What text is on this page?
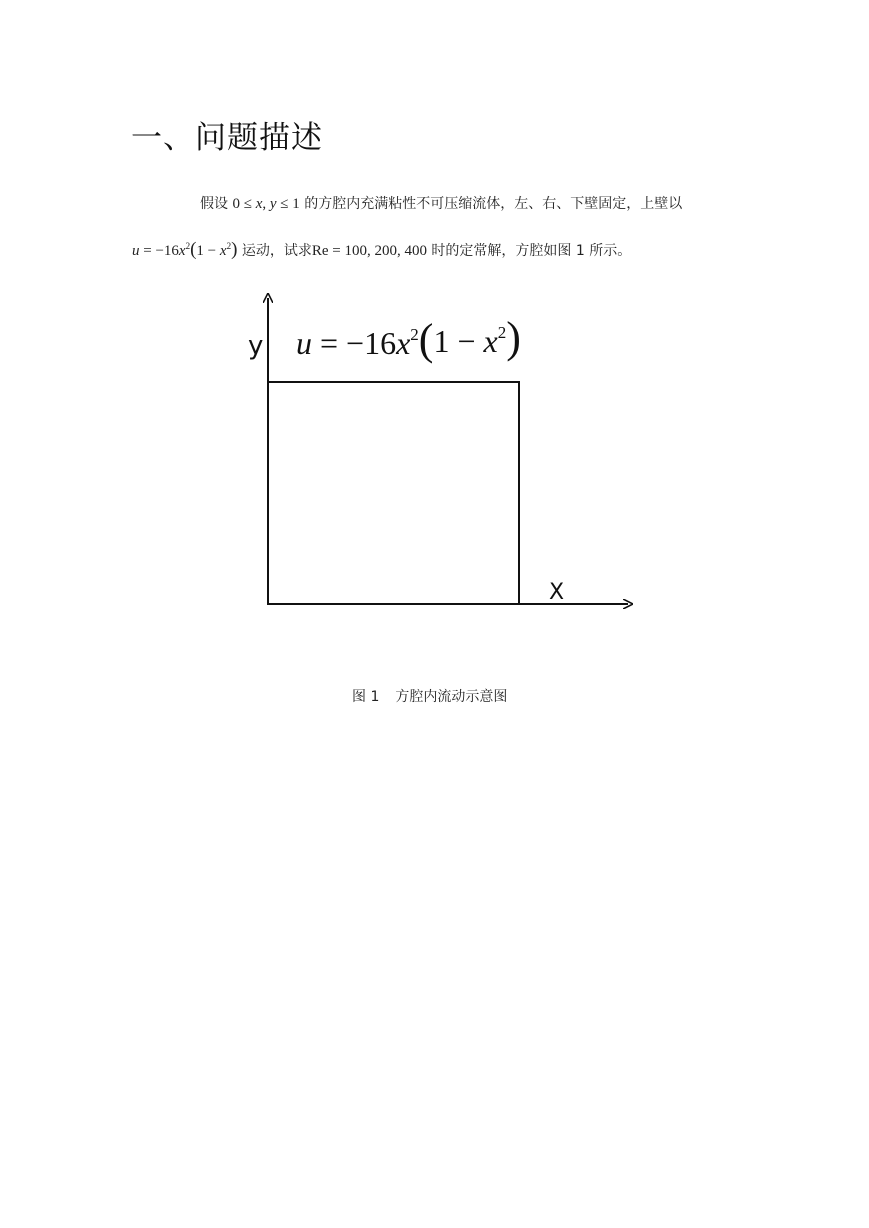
一、问题描述
假设 0 ≤ x, y ≤ 1 的方腔内充满粘性不可压缩流体，左、右、下壁固定，上壁以
$u = -16x^2(1 - x^2)$ 运动，试求Re = 100, 200, 400 时的定常解，方腔如图 1 所示。
y
X
$u = -16x^2(1 - x^2)$
图 1 方腔内流动示意图
